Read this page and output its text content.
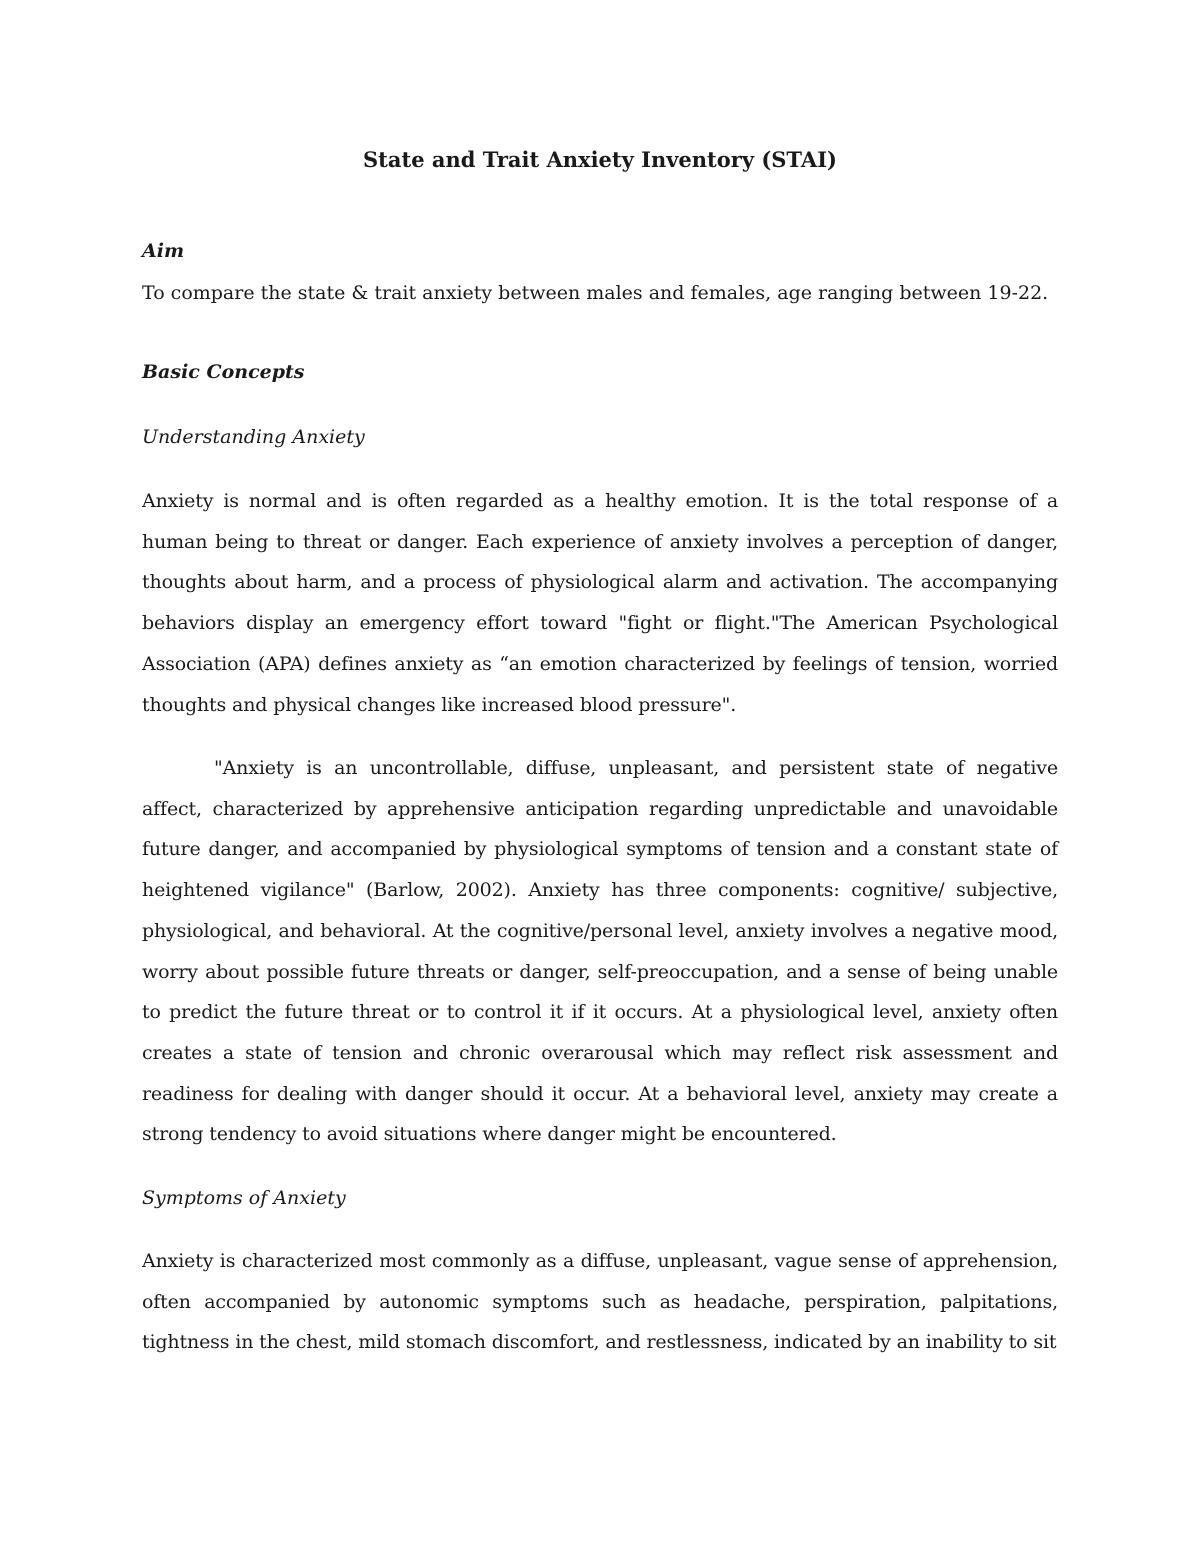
State and Trait Anxiety Inventory (STAI)
Aim
To compare the state & trait anxiety between males and females, age ranging between 19-22.
Basic Concepts
Understanding Anxiety
Anxiety is normal and is often regarded as a healthy emotion. It is the total response of a human being to threat or danger. Each experience of anxiety involves a perception of danger, thoughts about harm, and a process of physiological alarm and activation. The accompanying behaviors display an emergency effort toward "fight or flight."The American Psychological Association (APA) defines anxiety as “an emotion characterized by feelings of tension, worried thoughts and physical changes like increased blood pressure".
"Anxiety is an uncontrollable, diffuse, unpleasant, and persistent state of negative affect, characterized by apprehensive anticipation regarding unpredictable and unavoidable future danger, and accompanied by physiological symptoms of tension and a constant state of heightened vigilance" (Barlow, 2002). Anxiety has three components: cognitive/ subjective, physiological, and behavioral. At the cognitive/personal level, anxiety involves a negative mood, worry about possible future threats or danger, self-preoccupation, and a sense of being unable to predict the future threat or to control it if it occurs. At a physiological level, anxiety often creates a state of tension and chronic overarousal which may reflect risk assessment and readiness for dealing with danger should it occur. At a behavioral level, anxiety may create a strong tendency to avoid situations where danger might be encountered.
Symptoms of Anxiety
Anxiety is characterized most commonly as a diffuse, unpleasant, vague sense of apprehension, often accompanied by autonomic symptoms such as headache, perspiration, palpitations, tightness in the chest, mild stomach discomfort, and restlessness, indicated by an inability to sit
